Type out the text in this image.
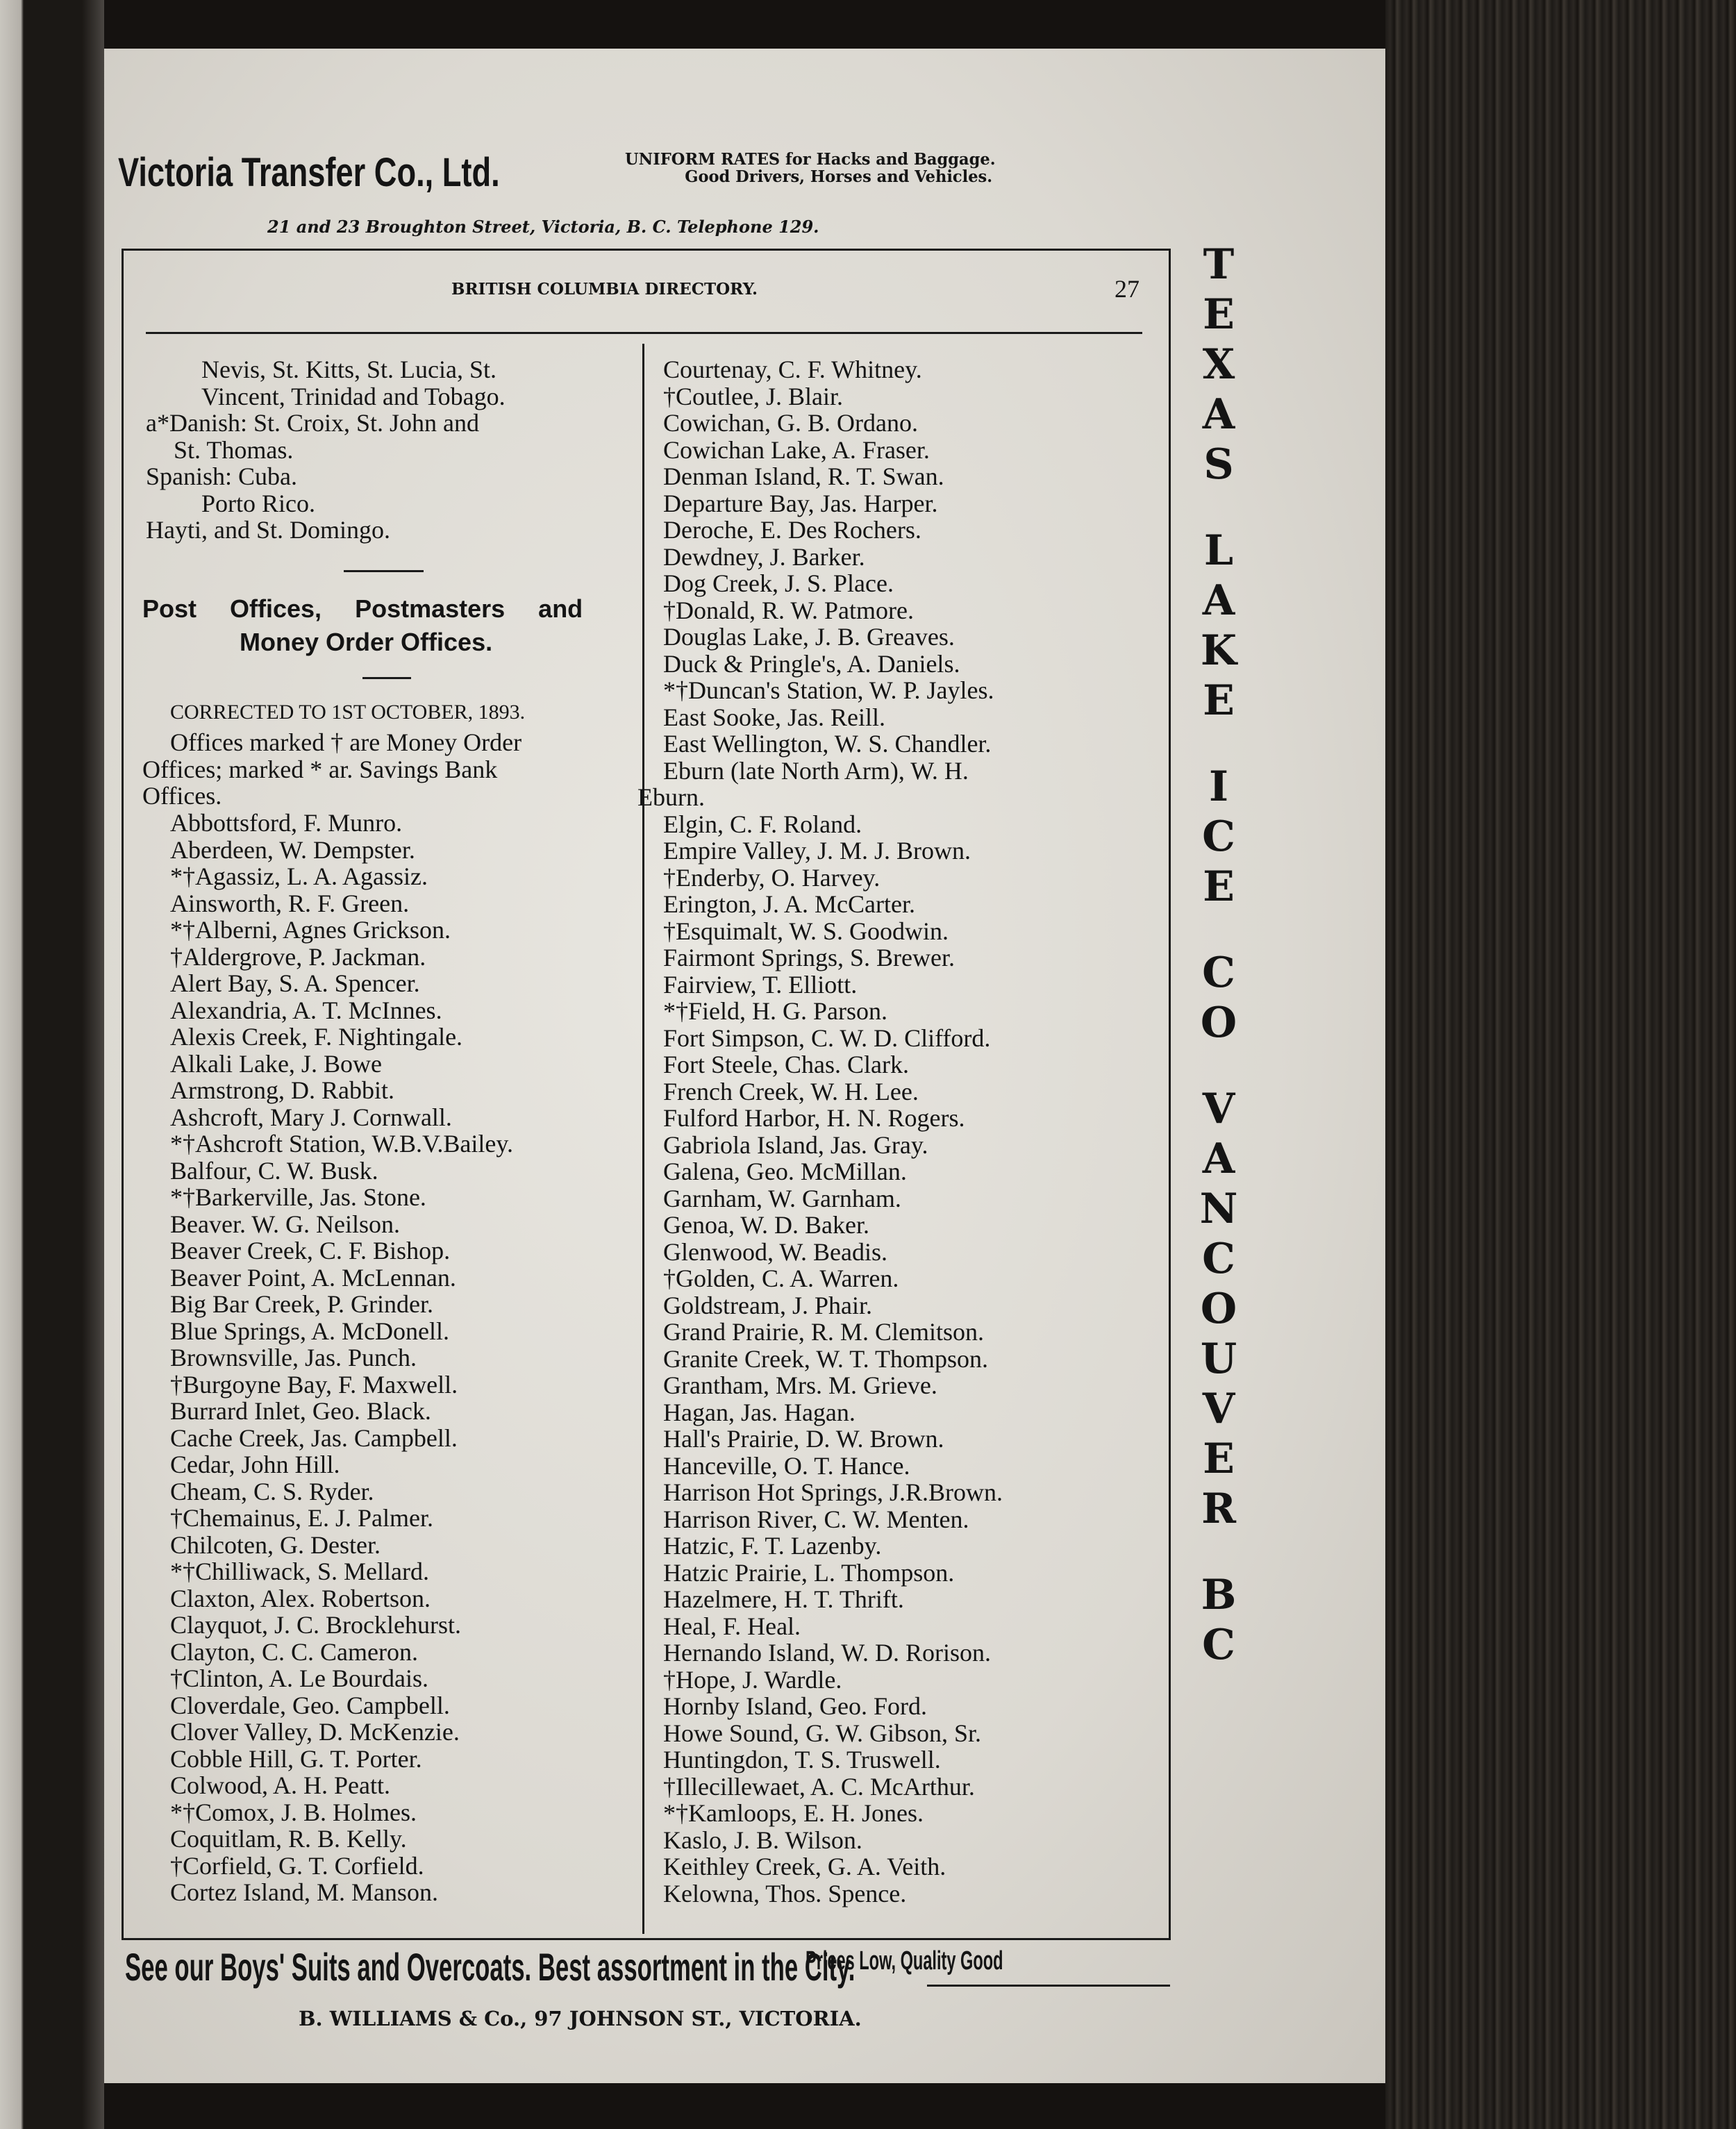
Victoria Transfer Co., Ltd.	UNIFORM RATES for Hacks and Baggage.
Good Drivers, Horses and Vehicles.
21 and 23 Broughton Street, Victoria, B. C. Telephone 129.
BRITISH COLUMBIA DIRECTORY.	27
Nevis, St. Kitts, St. Lucia, St.
Vincent, Trinidad and Tobago.
a*Danish: St. Croix, St. John and
St. Thomas.
Spanish: Cuba.
Porto Rico.
Hayti, and St. Domingo.
Post Offices, Postmasters and
Money Order Offices.
CORRECTED TO 1ST OCTOBER, 1893.
Offices marked † are Money Order
Offices; marked * ar. Savings Bank
Offices.
Abbottsford, F. Munro.
Aberdeen, W. Dempster.
*†Agassiz, L. A. Agassiz.
Ainsworth, R. F. Green.
*†Alberni, Agnes Grickson.
†Aldergrove, P. Jackman.
Alert Bay, S. A. Spencer.
Alexandria, A. T. McInnes.
Alexis Creek, F. Nightingale.
Alkali Lake, J. Bowe
Armstrong, D. Rabbit.
Ashcroft, Mary J. Cornwall.
*†Ashcroft Station, W.B.V.Bailey.
Balfour, C. W. Busk.
*†Barkerville, Jas. Stone.
Beaver. W. G. Neilson.
Beaver Creek, C. F. Bishop.
Beaver Point, A. McLennan.
Big Bar Creek, P. Grinder.
Blue Springs, A. McDonell.
Brownsville, Jas. Punch.
†Burgoyne Bay, F. Maxwell.
Burrard Inlet, Geo. Black.
Cache Creek, Jas. Campbell.
Cedar, John Hill.
Cheam, C. S. Ryder.
†Chemainus, E. J. Palmer.
Chilcoten, G. Dester.
*†Chilliwack, S. Mellard.
Claxton, Alex. Robertson.
Clayquot, J. C. Brocklehurst.
Clayton, C. C. Cameron.
†Clinton, A. Le Bourdais.
Cloverdale, Geo. Campbell.
Clover Valley, D. McKenzie.
Cobble Hill, G. T. Porter.
Colwood, A. H. Peatt.
*†Comox, J. B. Holmes.
Coquitlam, R. B. Kelly.
†Corfield, G. T. Corfield.
Cortez Island, M. Manson.
Courtenay, C. F. Whitney.
†Coutlee, J. Blair.
Cowichan, G. B. Ordano.
Cowichan Lake, A. Fraser.
Denman Island, R. T. Swan.
Departure Bay, Jas. Harper.
Deroche, E. Des Rochers.
Dewdney, J. Barker.
Dog Creek, J. S. Place.
†Donald, R. W. Patmore.
Douglas Lake, J. B. Greaves.
Duck & Pringle's, A. Daniels.
*†Duncan's Station, W. P. Jayles.
East Sooke, Jas. Reill.
East Wellington, W. S. Chandler.
Eburn (late North Arm), W. H.
Eburn.
Elgin, C. F. Roland.
Empire Valley, J. M. J. Brown.
†Enderby, O. Harvey.
Erington, J. A. McCarter.
†Esquimalt, W. S. Goodwin.
Fairmont Springs, S. Brewer.
Fairview, T. Elliott.
*†Field, H. G. Parson.
Fort Simpson, C. W. D. Clifford.
Fort Steele, Chas. Clark.
French Creek, W. H. Lee.
Fulford Harbor, H. N. Rogers.
Gabriola Island, Jas. Gray.
Galena, Geo. McMillan.
Garnham, W. Garnham.
Genoa, W. D. Baker.
Glenwood, W. Beadis.
†Golden, C. A. Warren.
Goldstream, J. Phair.
Grand Prairie, R. M. Clemitson.
Granite Creek, W. T. Thompson.
Grantham, Mrs. M. Grieve.
Hagan, Jas. Hagan.
Hall's Prairie, D. W. Brown.
Hanceville, O. T. Hance.
Harrison Hot Springs, J.R.Brown.
Harrison River, C. W. Menten.
Hatzic, F. T. Lazenby.
Hatzic Prairie, L. Thompson.
Hazelmere, H. T. Thrift.
Heal, F. Heal.
Hernando Island, W. D. Rorison.
†Hope, J. Wardle.
Hornby Island, Geo. Ford.
Howe Sound, G. W. Gibson, Sr.
Huntingdon, T. S. Truswell.
†Illecillewaet, A. C. McArthur.
*†Kamloops, E. H. Jones.
Kaslo, J. B. Wilson.
Keithley Creek, G. A. Veith.
Kelowna, Thos. Spence.
See our Boys' Suits and Overcoats. Best assortment in the City.
Prices Low, Quality Good
B. WILLIAMS & Co., 97 JOHNSON ST., VICTORIA.
T
E
X
A
S
L
A
K
E
I
C
E
C
O
V
A
N
C
O
U
V
E
R
B
C
